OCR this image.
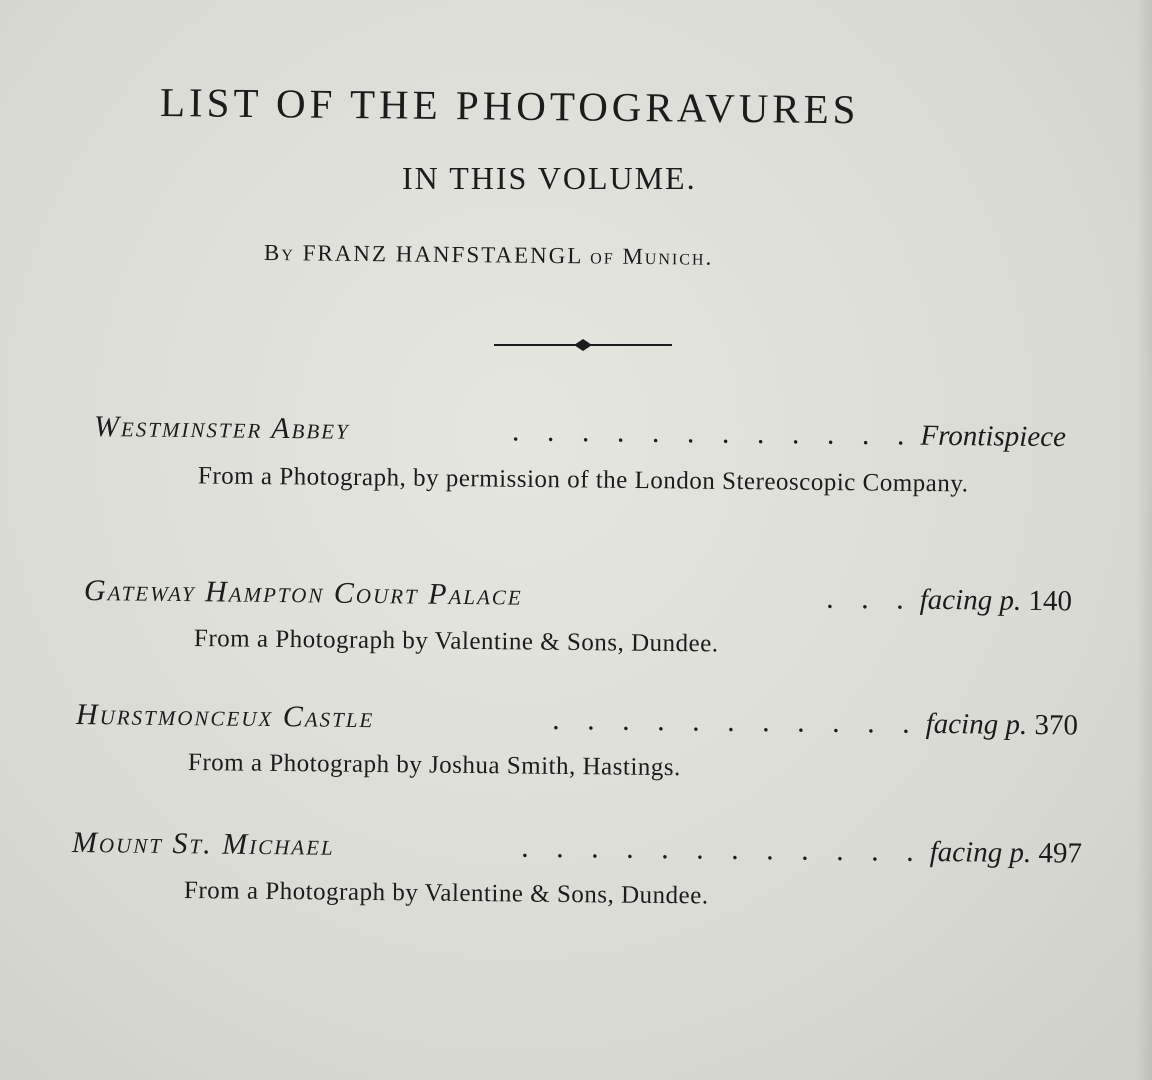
LIST OF THE PHOTOGRAVURES
IN THIS VOLUME.

By FRANZ HANFSTAENGL of Munich.

Westminster Abbey	. . . . . . . . . . . . Frontispiece
From a Photograph, by permission of the London Stereoscopic Company.
Gateway Hampton Court Palace	. . . facing p. 140
From a Photograph by Valentine & Sons, Dundee.
Hurstmonceux Castle	. . . . . . . . . . . facing p. 370
From a Photograph by Joshua Smith, Hastings.
Mount St. Michael	. . . . . . . . . . . . facing p. 497
From a Photograph by Valentine & Sons, Dundee.
